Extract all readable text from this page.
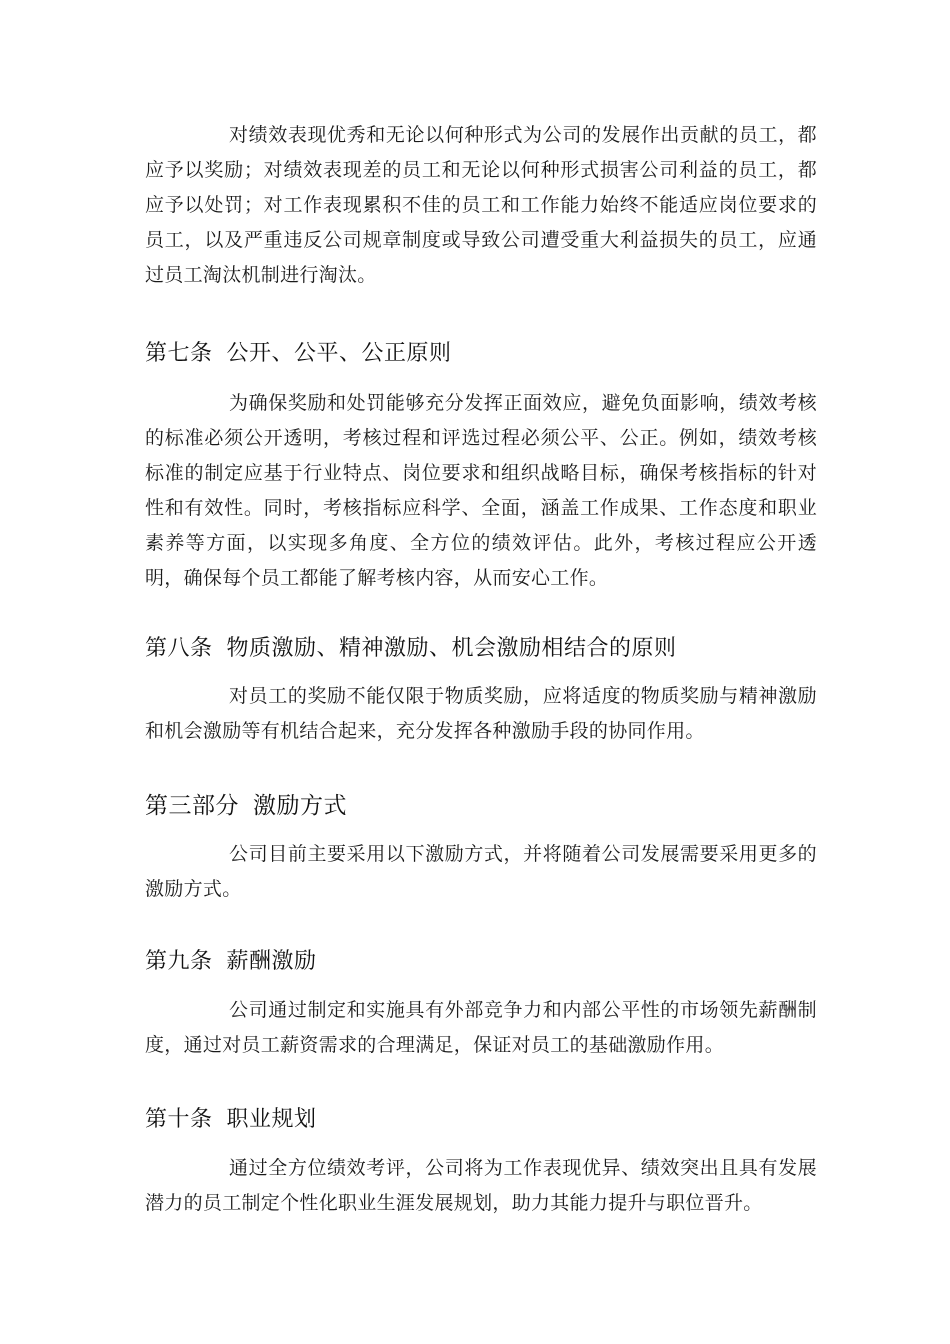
对绩效表现优秀和无论以何种形式为公司的发展作出贡献的员工，都应予以奖励；对绩效表现差的员工和无论以何种形式损害公司利益的员工，都应予以处罚；对工作表现累积不佳的员工和工作能力始终不能适应岗位要求的员工，以及严重违反公司规章制度或导致公司遭受重大利益损失的员工，应通过员工淘汰机制进行淘汰。

第七条 公开、公平、公正原则

为确保奖励和处罚能够充分发挥正面效应，避免负面影响，绩效考核的标准必须公开透明，考核过程和评选过程必须公平、公正。例如，绩效考核标准的制定应基于行业特点、岗位要求和组织战略目标，确保考核指标的针对性和有效性。同时，考核指标应科学、全面，涵盖工作成果、工作态度和职业素养等方面，以实现多角度、全方位的绩效评估。此外，考核过程应公开透明，确保每个员工都能了解考核内容，从而安心工作。

第八条 物质激励、精神激励、机会激励相结合的原则

对员工的奖励不能仅限于物质奖励，应将适度的物质奖励与精神激励和机会激励等有机结合起来，充分发挥各种激励手段的协同作用。

第三部分 激励方式

公司目前主要采用以下激励方式，并将随着公司发展需要采用更多的激励方式。

第九条 薪酬激励

公司通过制定和实施具有外部竞争力和内部公平性的市场领先薪酬制度，通过对员工薪资需求的合理满足，保证对员工的基础激励作用。

第十条 职业规划

通过全方位绩效考评，公司将为工作表现优异、绩效突出且具有发展潜力的员工制定个性化职业生涯发展规划，助力其能力提升与职位晋升。
